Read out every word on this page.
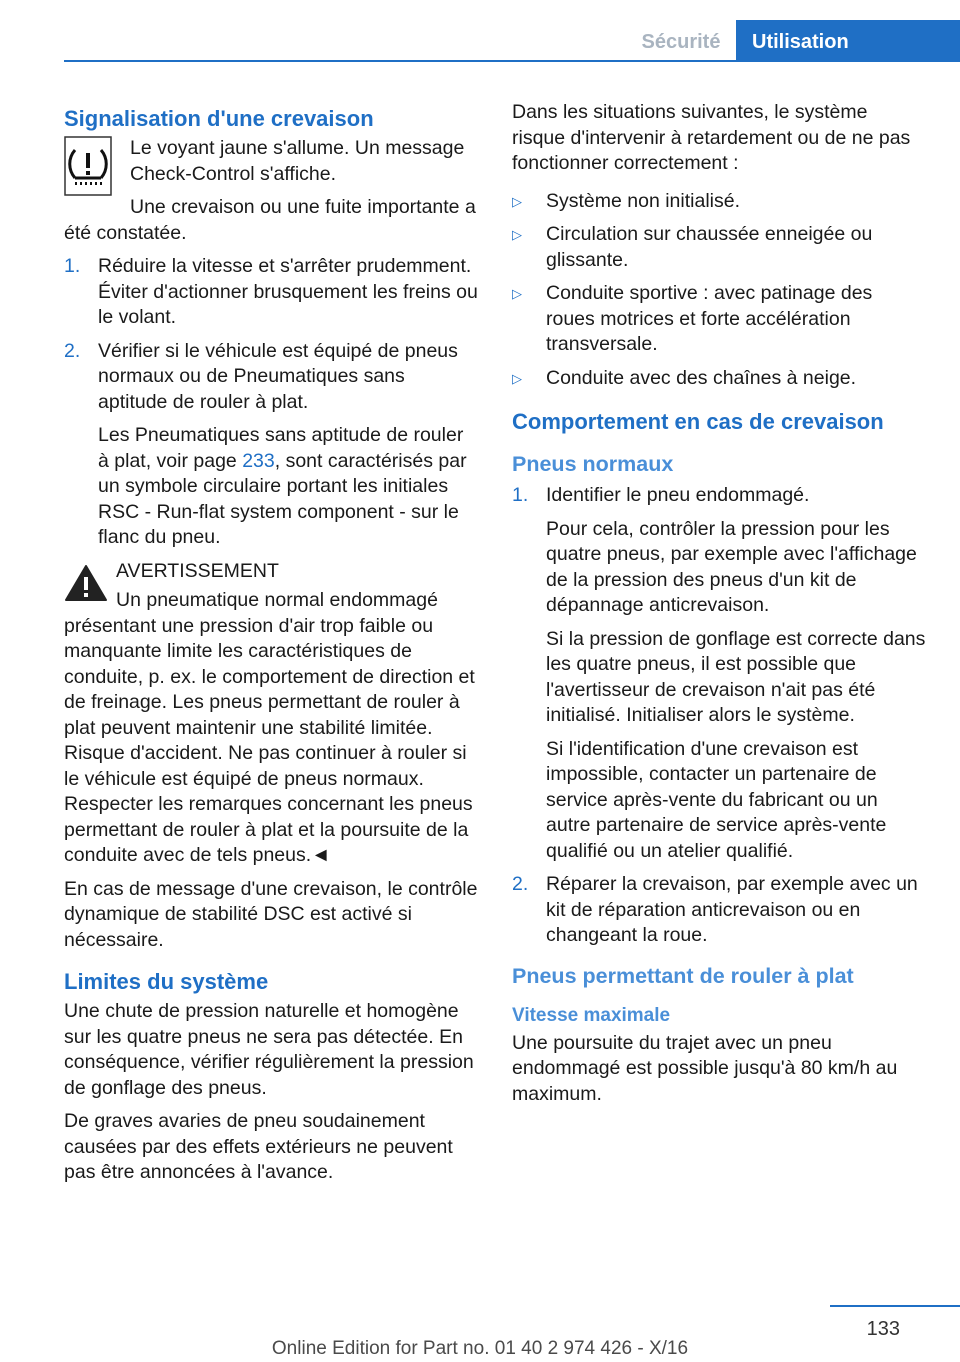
Sécurité	Utilisation
Signalisation d'une crevaison

Le voyant jaune s'allume. Un message Check-Control s'affiche.

Une crevaison ou une fuite importante a été constatée.

1. Réduire la vitesse et s'arrêter prudemment. Éviter d'actionner brusquement les freins ou le volant.

2. Vérifier si le véhicule est équipé de pneus normaux ou de Pneumatiques sans aptitude de rouler à plat.

Les Pneumatiques sans aptitude de rouler à plat, voir page 233, sont caractérisés par un symbole circulaire portant les initiales RSC - Run-flat system component - sur le flanc du pneu.

AVERTISSEMENT

Un pneumatique normal endommagé présentant une pression d'air trop faible ou manquante limite les caractéristiques de conduite, p. ex. le comportement de direction et de freinage. Les pneus permettant de rouler à plat peuvent maintenir une stabilité limitée. Risque d'accident. Ne pas continuer à rouler si le véhicule est équipé de pneus normaux. Respecter les remarques concernant les pneus permettant de rouler à plat et la poursuite de la conduite avec de tels pneus.◄

En cas de message d'une crevaison, le contrôle dynamique de stabilité DSC est activé si nécessaire.

Limites du système

Une chute de pression naturelle et homogène sur les quatre pneus ne sera pas détectée. En conséquence, vérifier régulièrement la pression de gonflage des pneus.

De graves avaries de pneu soudainement causées par des effets extérieurs ne peuvent pas être annoncées à l'avance.

Dans les situations suivantes, le système risque d'intervenir à retardement ou de ne pas fonctionner correctement :

▷ Système non initialisé.

▷ Circulation sur chaussée enneigée ou glissante.

▷ Conduite sportive : avec patinage des roues motrices et forte accélération transversale.

▷ Conduite avec des chaînes à neige.

Comportement en cas de crevaison
Pneus normaux
1. Identifier le pneu endommagé.

Pour cela, contrôler la pression pour les quatre pneus, par exemple avec l'affichage de la pression des pneus d'un kit de dépannage anticrevaison.

Si la pression de gonflage est correcte dans les quatre pneus, il est possible que l'avertisseur de crevaison n'ait pas été initialisé. Initialiser alors le système.

Si l'identification d'une crevaison est impossible, contacter un partenaire de service après-vente du fabricant ou un autre partenaire de service après-vente qualifié ou un atelier qualifié.

2. Réparer la crevaison, par exemple avec un kit de réparation anticrevaison ou en changeant la roue.

Pneus permettant de rouler à plat
Vitesse maximale

Une poursuite du trajet avec un pneu endommagé est possible jusqu'à 80 km/h au maximum.

133
Online Edition for Part no. 01 40 2 974 426 - X/16
